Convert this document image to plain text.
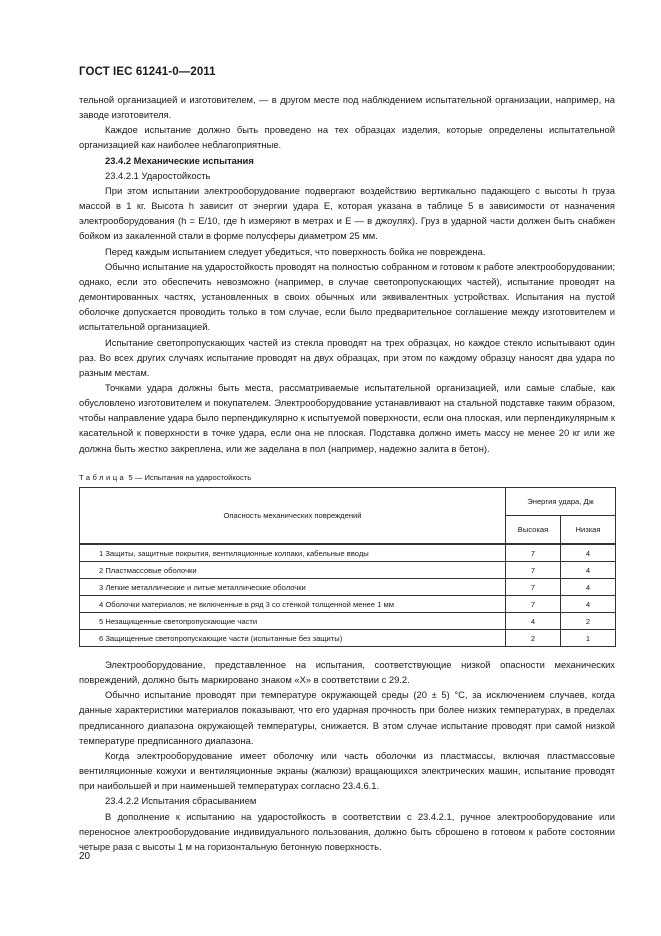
ГОСТ IEC 61241-0—2011

тельной организацией и изготовителем, — в другом месте под наблюдением испытательной организации, например, на заводе изготовителя.

Каждое испытание должно быть проведено на тех образцах изделия, которые определены испытательной организацией как наиболее неблагоприятные.

23.4.2 Механические испытания

23.4.2.1 Ударостойкость

При этом испытании электрооборудование подвергают воздействию вертикально падающего с высоты h груза массой в 1 кг. Высота h зависит от энергии удара E, которая указана в таблице 5 в зависимости от назначения электрооборудования (h = E/10, где h измеряют в метрах и E — в джоулях). Груз в ударной части должен быть снабжен бойком из закаленной стали в форме полусферы диаметром 25 мм.

Перед каждым испытанием следует убедиться, что поверхность бойка не повреждена.

Обычно испытание на ударостойкость проводят на полностью собранном и готовом к работе электрооборудовании; однако, если это обеспечить невозможно (например, в случае светопропускающих частей), испытание проводят на демонтированных частях, установленных в своих обычных или эквивалентных устройствах. Испытания на пустой оболочке допускается проводить только в том случае, если было предварительное соглашение между изготовителем и испытательной организацией.

Испытание светопропускающих частей из стекла проводят на трех образцах, но каждое стекло испытывают один раз. Во всех других случаях испытание проводят на двух образцах, при этом по каждому образцу наносят два удара по разным местам.

Точками удара должны быть места, рассматриваемые испытательной организацией, или самые слабые, как обусловлено изготовителем и покупателем. Электрооборудование устанавливают на стальной подставке таким образом, чтобы направление удара было перпендикулярно к испытуемой поверхности, если она плоская, или перпендикулярным к касательной к поверхности в точке удара, если она не плоская. Подставка должно иметь массу не менее 20 кг или же должна быть жестко закреплена, или же заделана в пол (например, надежно залита в бетон).

Таблица 5 — Испытания на ударостойкость
Опасность механических повреждений	Энергия удара, Дж	
	Высокая	Низкая
1 Защиты, защитные покрытия, вентиляционные колпаки, кабельные вводы	7	4
2 Пластмассовые оболочки	7	4
3 Легкие металлические и литые металлические оболочки	7	4
4 Оболочки материалов, не включенные в ряд 3 со стенкой толщенной менее 1 мм	7	4
5 Незащищенные светопропускающие части	4	2
6 Защищенные светопропускающие части (испытанные без защиты)	2	1

Электрооборудование, представленное на испытания, соответствующие низкой опасности механических повреждений, должно быть маркировано знаком «X» в соответствии с 29.2.

Обычно испытание проводят при температуре окружающей среды (20 ± 5) °С, за исключением случаев, когда данные характеристики материалов показывают, что его ударная прочность при более низких температурах, в пределах предписанного диапазона окружающей температуры, снижается. В этом случае испытание проводят при самой низкой температуре предписанного диапазона.

Когда электрооборудование имеет оболочку или часть оболочки из пластмассы, включая пластмассовые вентиляционные кожухи и вентиляционные экраны (жалюзи) вращающихся электрических машин, испытание проводят при наибольшей и при наименьшей температурах согласно 23.4.6.1.

23.4.2.2 Испытания сбрасыванием

В дополнение к испытанию на ударостойкость в соответствии с 23.4.2.1, ручное электрооборудование или переносное электрооборудование индивидуального пользования, должно быть сброшено в готовом к работе состоянии четыре раза с высоты 1 м на горизонтальную бетонную поверхность.

20
